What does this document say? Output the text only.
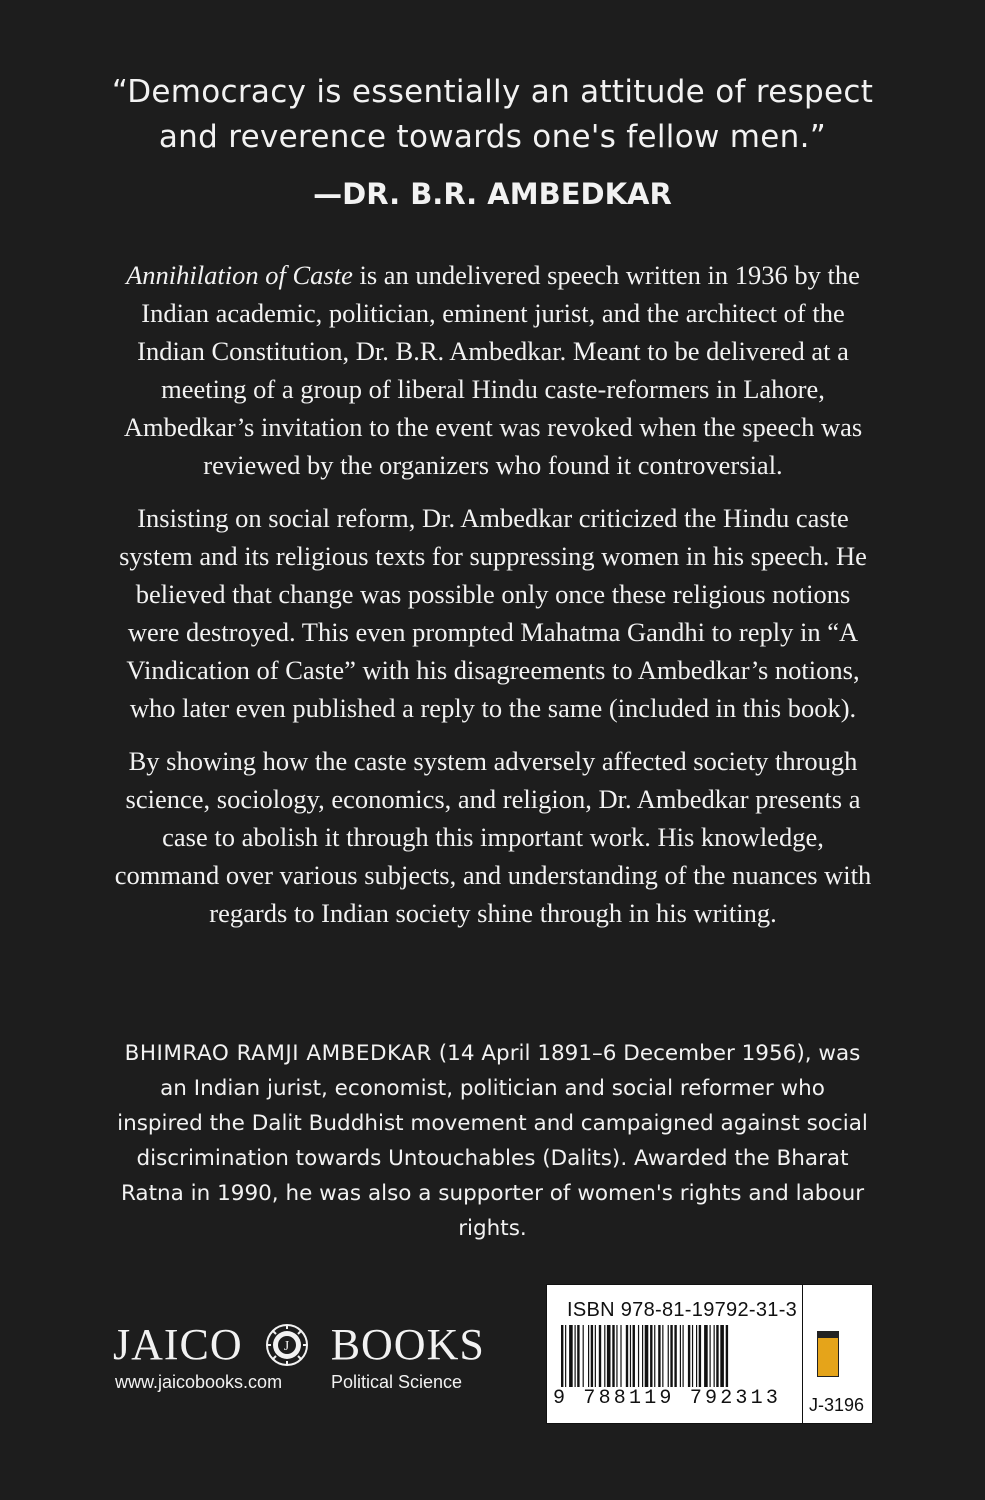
“Democracy is essentially an attitude of respect
and reverence towards one's fellow men.”
—DR. B.R. AMBEDKAR

Annihilation of Caste is an undelivered speech written in 1936 by the Indian academic, politician, eminent jurist, and the architect of the Indian Constitution, Dr. B.R. Ambedkar. Meant to be delivered at a meeting of a group of liberal Hindu caste-reformers in Lahore, Ambedkar’s invitation to the event was revoked when the speech was reviewed by the organizers who found it controversial.

Insisting on social reform, Dr. Ambedkar criticized the Hindu caste system and its religious texts for suppressing women in his speech. He believed that change was possible only once these religious notions were destroyed. This even prompted Mahatma Gandhi to reply in “A Vindication of Caste” with his disagreements to Ambedkar’s notions, who later even published a reply to the same (included in this book).

By showing how the caste system adversely affected society through science, sociology, economics, and religion, Dr. Ambedkar presents a case to abolish it through this important work. His knowledge, command over various subjects, and understanding of the nuances with regards to Indian society shine through in his writing.

BHIMRAO RAMJI AMBEDKAR (14 April 1891–6 December 1956), was an Indian jurist, economist, politician and social reformer who inspired the Dalit Buddhist movement and campaigned against social discrimination towards Untouchables (Dalits). Awarded the Bharat Ratna in 1990, he was also a supporter of women's rights and labour rights.
JAICO	J BOOKS
www.jaicobooks.com	Political Science
ISBN 978-81-19792-31-3
9 788119 792313 J-3196
